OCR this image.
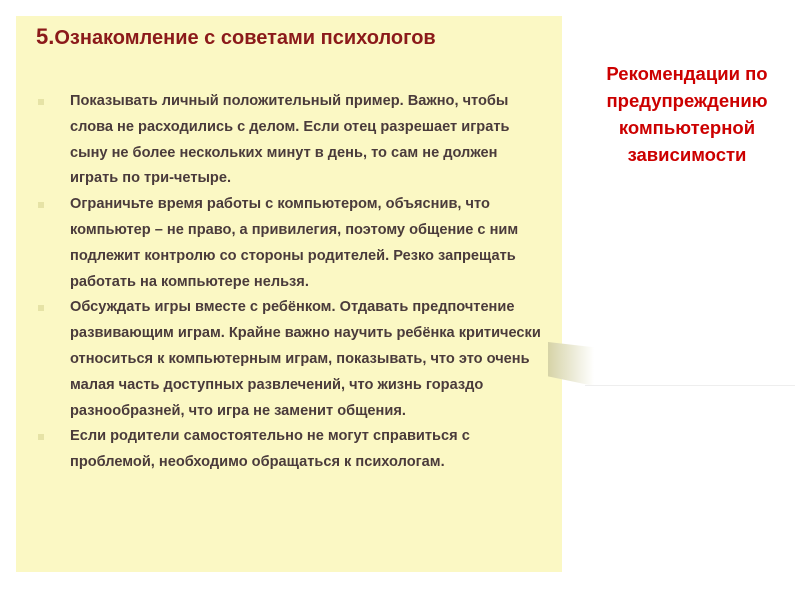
5.Ознакомление с советами психологов
Показывать личный положительный пример. Важно, чтобы слова не расходились с делом. Если отец разрешает играть сыну не более нескольких минут в день, то сам не должен играть по три-четыре.
Ограничьте время работы с компьютером, объяснив, что компьютер – не право, а привилегия, поэтому общение с ним подлежит контролю со стороны родителей. Резко запрещать работать на компьютере нельзя.
Обсуждать игры вместе с ребёнком. Отдавать предпочтение развивающим играм. Крайне важно научить ребёнка критически относиться к компьютерным играм, показывать, что это очень малая часть доступных развлечений, что жизнь гораздо разнообразней, что игра не заменит общения.
Если родители самостоятельно не могут справиться с проблемой, необходимо обращаться к психологам.
Рекомендации по предупреждению компьютерной зависимости
